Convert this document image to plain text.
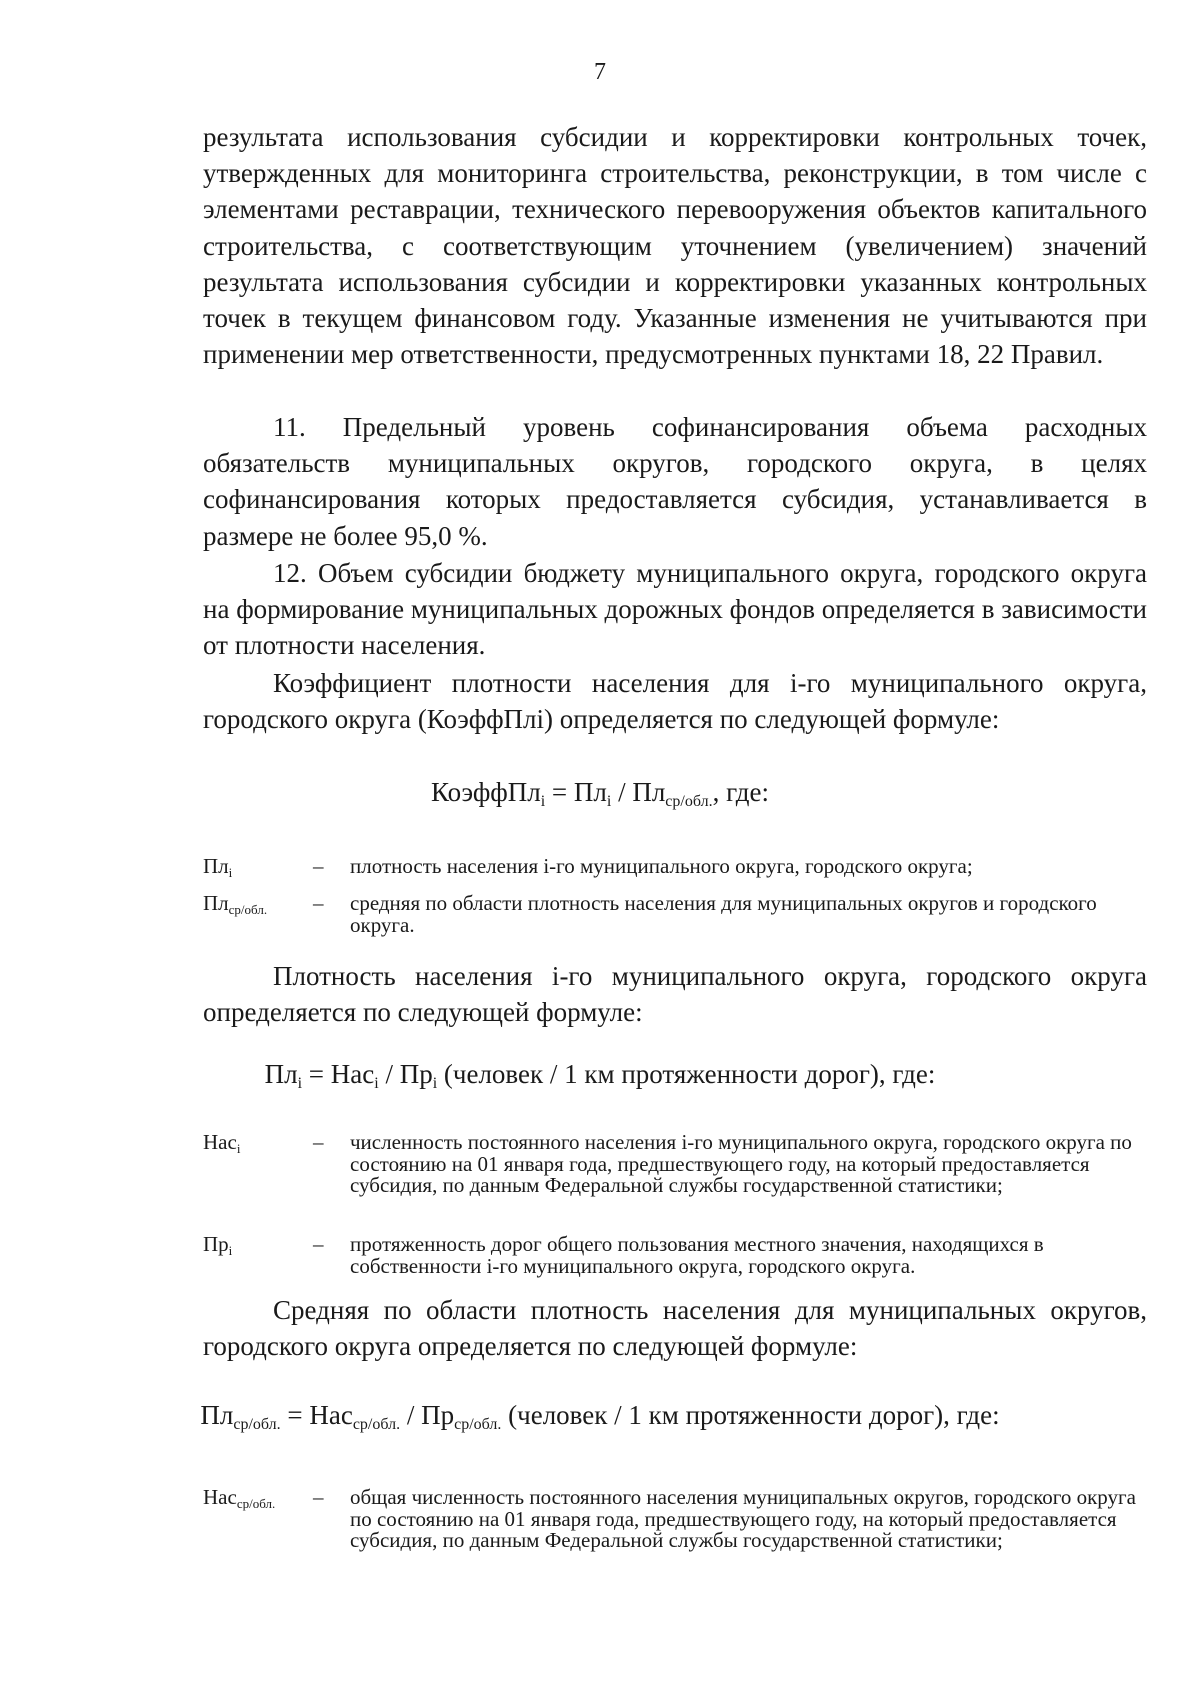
7
результата использования субсидии и корректировки контрольных точек, утвержденных для мониторинга строительства, реконструкции, в том числе с элементами реставрации, технического перевооружения объектов капитального строительства, с соответствующим уточнением (увеличением) значений результата использования субсидии и корректировки указанных контрольных точек в текущем финансовом году. Указанные изменения не учитываются при применении мер ответственности, предусмотренных пунктами 18, 22 Правил.
11. Предельный уровень софинансирования объема расходных обязательств муниципальных округов, городского округа, в целях софинансирования которых предоставляется субсидия, устанавливается в размере не более 95,0 %.
12. Объем субсидии бюджету муниципального округа, городского округа на формирование муниципальных дорожных фондов определяется в зависимости от плотности населения.
Коэффициент плотности населения для i-го муниципального округа, городского округа (КоэффПлi) определяется по следующей формуле:
КоэффПл$_i$ = $Пл_i / Пл_{ср/обл.}$, где:
$Пл_i$	– плотность населения i-го муниципального округа, городского округа;
$Пл_{ср/обл.}$	– средняя по области плотность населения для муниципальных округов и городского округа.
Плотность населения i-го муниципального округа, городского округа определяется по следующей формуле:
$Пл_i = Нас_i / Пр_i$ (человек / 1 км протяженности дорог), где:
Нас$_i$	– численность постоянного населения i-го муниципального округа, городского округа по состоянию на 01 января года, предшествующего году, на который предоставляется субсидия, по данным Федеральной службы государственной статистики;
$Пр_i$	– протяженность дорог общего пользования местного значения, находящихся в собственности i-го муниципального округа, городского округа.
Средняя по области плотность населения для муниципальных округов, городского округа определяется по следующей формуле:
$Пл_{ср/обл.} = Нас_{ср/обл.} / Пр_{ср/обл.}$ (человек / 1 км протяженности дорог), где:
Нас$_{ср/обл.}$	– общая численность постоянного населения муниципальных округов, городского округа по состоянию на 01 января года, предшествующего году, на который предоставляется субсидия, по данным Федеральной службы государственной статистики;
